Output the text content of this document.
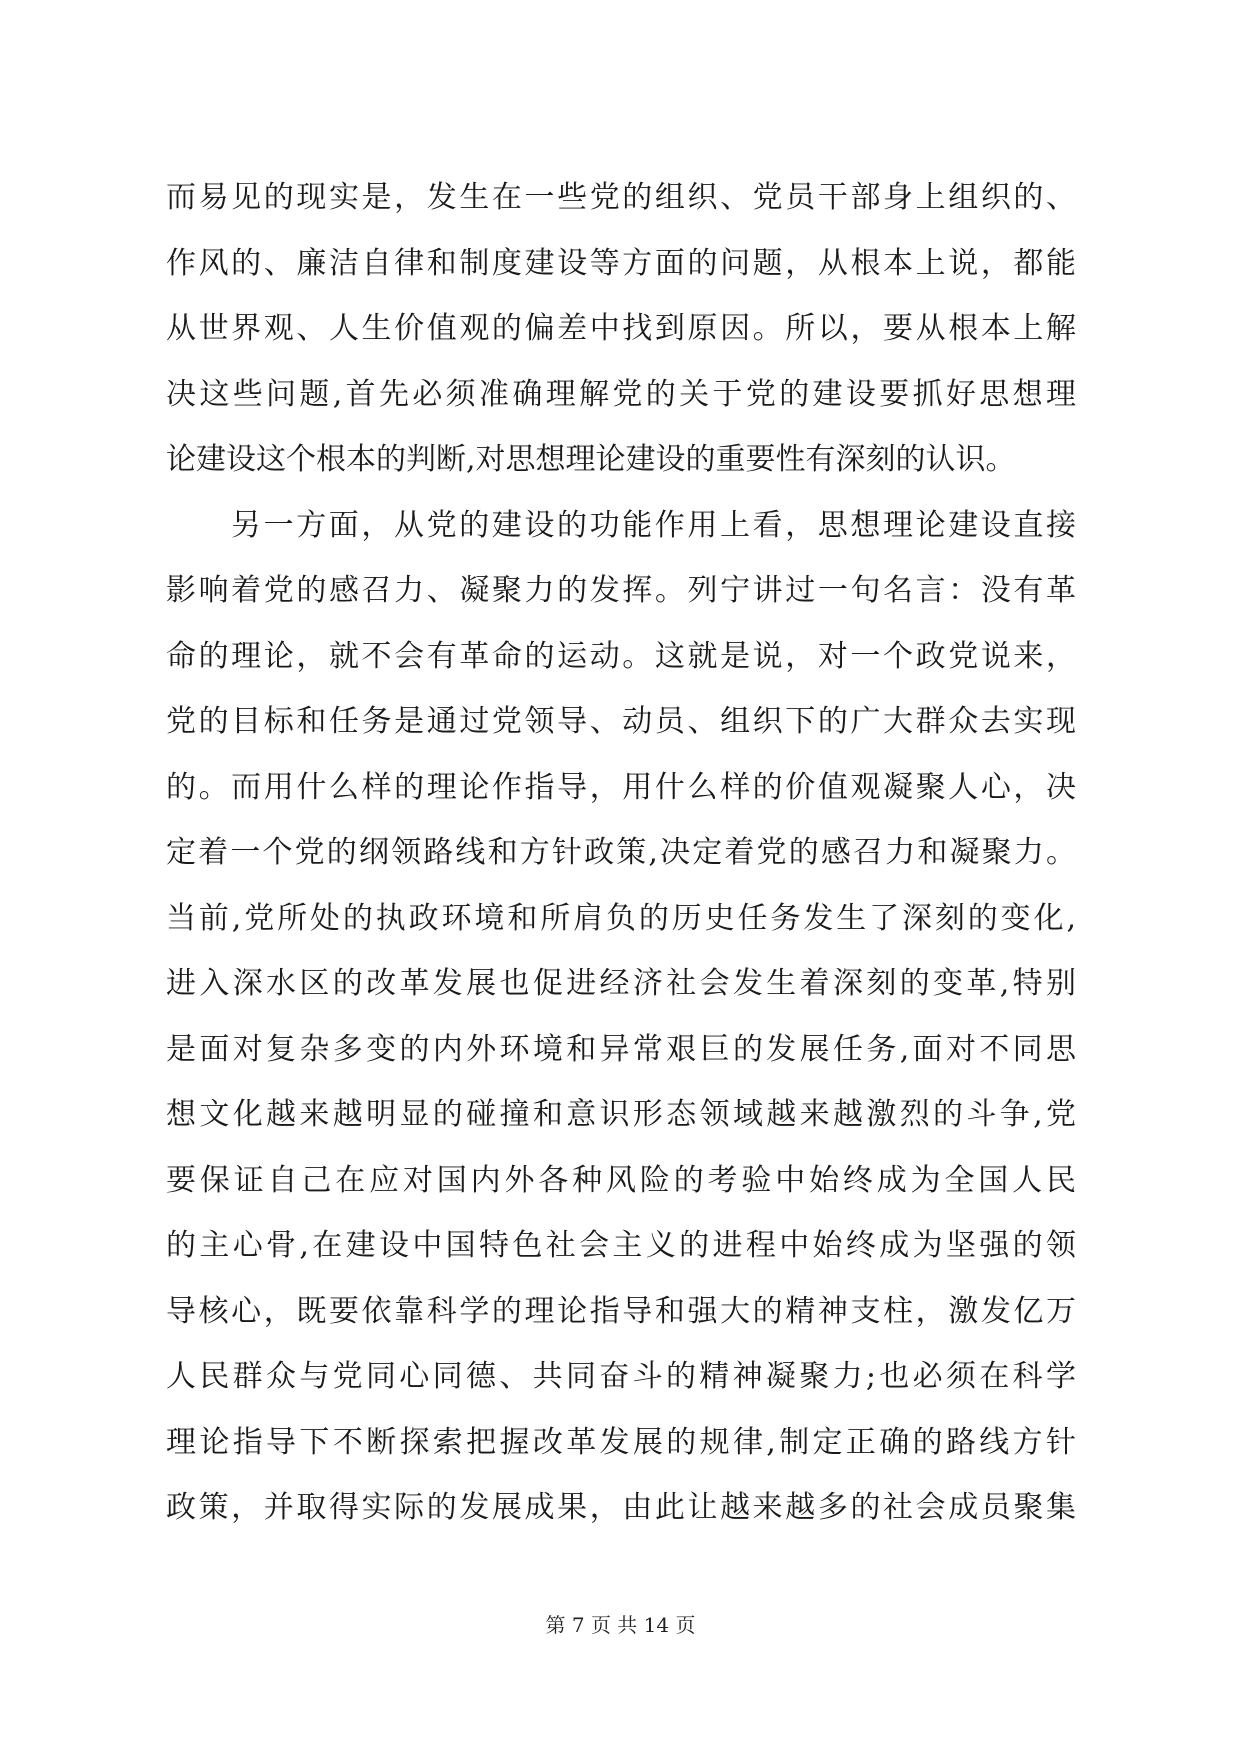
而易见的现实是，发生在一些党的组织、党员干部身上组织的、
作风的、廉洁自律和制度建设等方面的问题，从根本上说，都能
从世界观、人生价值观的偏差中找到原因。所以，要从根本上解
决这些问题,首先必须准确理解党的关于党的建设要抓好思想理
论建设这个根本的判断,对思想理论建设的重要性有深刻的认识。
另一方面，从党的建设的功能作用上看，思想理论建设直接
影响着党的感召力、凝聚力的发挥。列宁讲过一句名言：没有革
命的理论，就不会有革命的运动。这就是说，对一个政党说来，
党的目标和任务是通过党领导、动员、组织下的广大群众去实现
的。而用什么样的理论作指导，用什么样的价值观凝聚人心，决
定着一个党的纲领路线和方针政策,决定着党的感召力和凝聚力。
当前,党所处的执政环境和所肩负的历史任务发生了深刻的变化,
进入深水区的改革发展也促进经济社会发生着深刻的变革,特别
是面对复杂多变的内外环境和异常艰巨的发展任务,面对不同思
想文化越来越明显的碰撞和意识形态领域越来越激烈的斗争,党
要保证自己在应对国内外各种风险的考验中始终成为全国人民
的主心骨,在建设中国特色社会主义的进程中始终成为坚强的领
导核心，既要依靠科学的理论指导和强大的精神支柱，激发亿万
人民群众与党同心同德、共同奋斗的精神凝聚力;也必须在科学
理论指导下不断探索把握改革发展的规律,制定正确的路线方针
政策，并取得实际的发展成果，由此让越来越多的社会成员聚集
第 7 页 共 14 页
